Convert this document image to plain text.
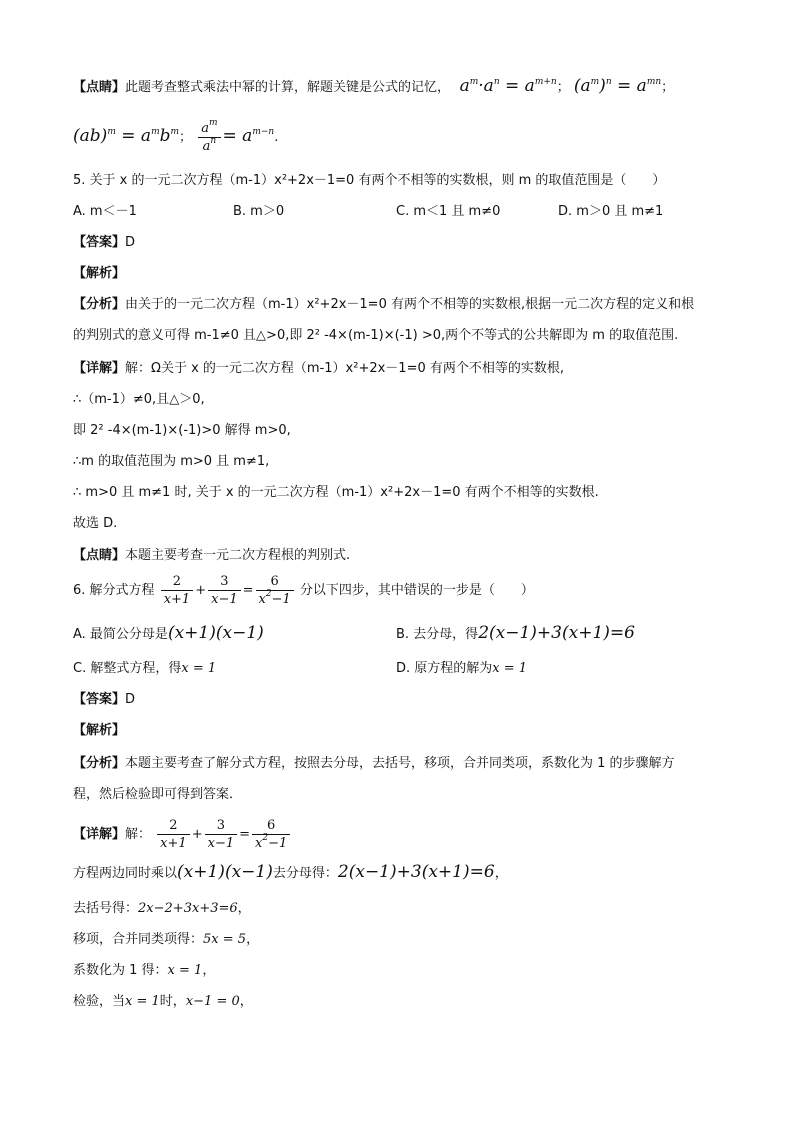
【点睛】此题考查整式乘法中幂的计算，解题关键是公式的记忆，  $a^m\cdot a^n = a^{m+n}$； $(a^m)^n = a^{mn}$；
$(ab)^m = a^mb^m$； $\frac{a^m}{a^n} = a^{m-n}$.
5. 关于 x 的一元二次方程（m-1）x²+2x－1=0 有两个不相等的实数根，则 m 的取值范围是（　　）
A. m＜－1	B. m＞0	C. m＜1 且 m≠0	D. m＞0 且 m≠1
【答案】D
【解析】
【分析】由关于的一元二次方程（m-1）x²+2x－1=0 有两个不相等的实数根,根据一元二次方程的定义和根
的判别式的意义可得 m-1≠0 且△>0,即 2² -4×(m-1)×(-1) >0,两个不等式的公共解即为 m 的取值范围.
【详解】解：Ω关于 x 的一元二次方程（m-1）x²+2x－1=0 有两个不相等的实数根,
∴（m-1）≠0,且△＞0,
即 2² -4×(m-1)×(-1)>0 解得 m>0,
∴m 的取值范围为 m>0 且 m≠1,
∴ m>0 且 m≠1 时, 关于 x 的一元二次方程（m-1）x²+2x－1=0 有两个不相等的实数根.
故选 D.
【点睛】本题主要考查一元二次方程根的判别式.
6. 解分式方程 $\frac{2}{x+1} + \frac{3}{x-1} = \frac{6}{x^2-1}$ 分以下四步，其中错误的一步是（　　）
A. 最简公分母是(x+1)(x−1)	B. 去分母，得2(x−1)+3(x+1)=6
C. 解整式方程，得x = 1	D. 原方程的解为x = 1
【答案】D
【解析】
【分析】本题主要考查了解分式方程，按照去分母，去括号，移项，合并同类项，系数化为 1 的步骤解方
程，然后检验即可得到答案．
【详解】解： $\frac{2}{x+1} + \frac{3}{x-1} = \frac{6}{x^2-1}$
方程两边同时乘以(x+1)(x−1)去分母得：2(x−1)+3(x+1)=6，
去括号得：2x−2+3x+3=6，
移项，合并同类项得：5x = 5，
系数化为 1 得：x = 1，
检验，当x = 1时，x−1 = 0，
